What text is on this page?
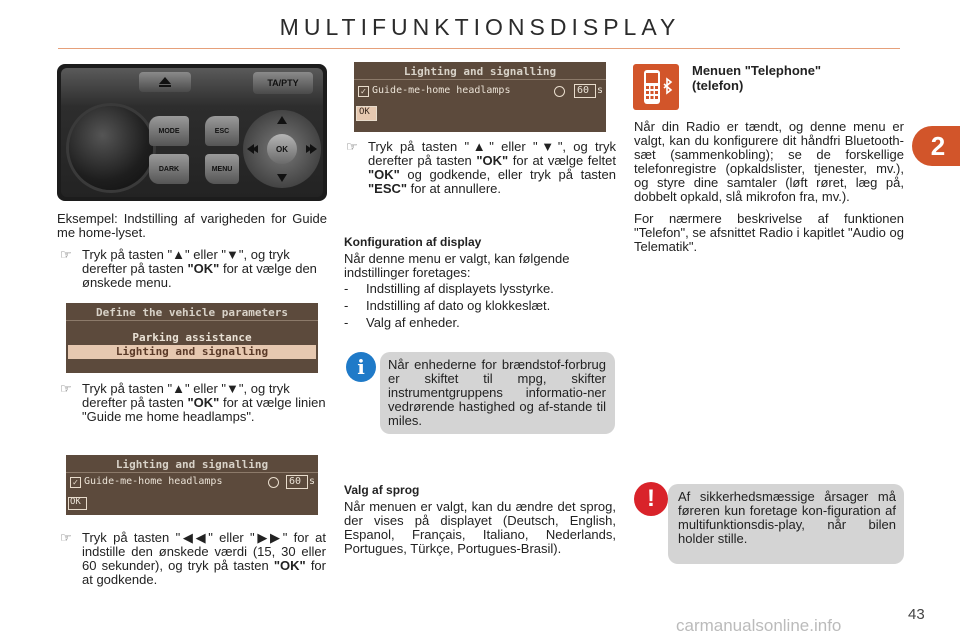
MULTIFUNKTIONSDISPLAY
2
43
TA/PTY
MODE
DARK
ESC
MENU
OK
Eksempel: Indstilling af varigheden for Guide me home-lyset.
☞ Tryk på tasten "▲" eller "▼", og tryk derefter på tasten "OK" for at vælge den ønskede menu.
Define the vehicle parameters
Parking assistance
Lighting and signalling
☞ Tryk på tasten "▲" eller "▼", og tryk derefter på tasten "OK" for at vælge linien "Guide me home headlamps".
Lighting and signalling
✓ Guide-me-home headlamps	60 s
OK
☞ Tryk på tasten "◀◀" eller "▶▶" for at indstille den ønskede værdi (15, 30 eller 60 sekunder), og tryk på tasten "OK" for at godkende.
Lighting and signalling
✓ Guide-me-home headlamps	60 s
OK
☞ Tryk på tasten "▲" eller "▼", og tryk derefter på tasten "OK" for at vælge feltet "OK" og godkende, eller tryk på tasten "ESC" for at annullere.
Konfiguration af display
Når denne menu er valgt, kan følgende indstillinger foretages:
- Indstilling af displayets lysstyrke.
- Indstilling af dato og klokkeslæt.
- Valg af enheder.
i	Når enhederne for brændstof-forbrug er skiftet til mpg, skifter instrumentgruppens informatio-ner vedrørende hastighed og af-stande til miles.
Valg af sprog
Når menuen er valgt, kan du ændre det sprog, der vises på displayet (Deutsch, English, Espanol, Français, Italiano, Nederlands, Portugues, Türkçe, Portugues-Brasil).
Menuen "Telephone" (telefon)
Når din Radio er tændt, og denne menu er valgt, kan du konfigurere dit håndfri Bluetooth-sæt (sammenkobling); se de forskellige telefonregistre (opkaldslister, tjenester, mv.), og styre dine samtaler (løft røret, læg på, dobbelt opkald, slå mikrofon fra, mv.).
For nærmere beskrivelse af funktionen "Telefon", se afsnittet Radio i kapitlet "Audio og Telematik".
!	Af sikkerhedsmæssige årsager må føreren kun foretage kon-figuration af multifunktionsdis-play, når bilen holder stille.
carmanualsonline.info
